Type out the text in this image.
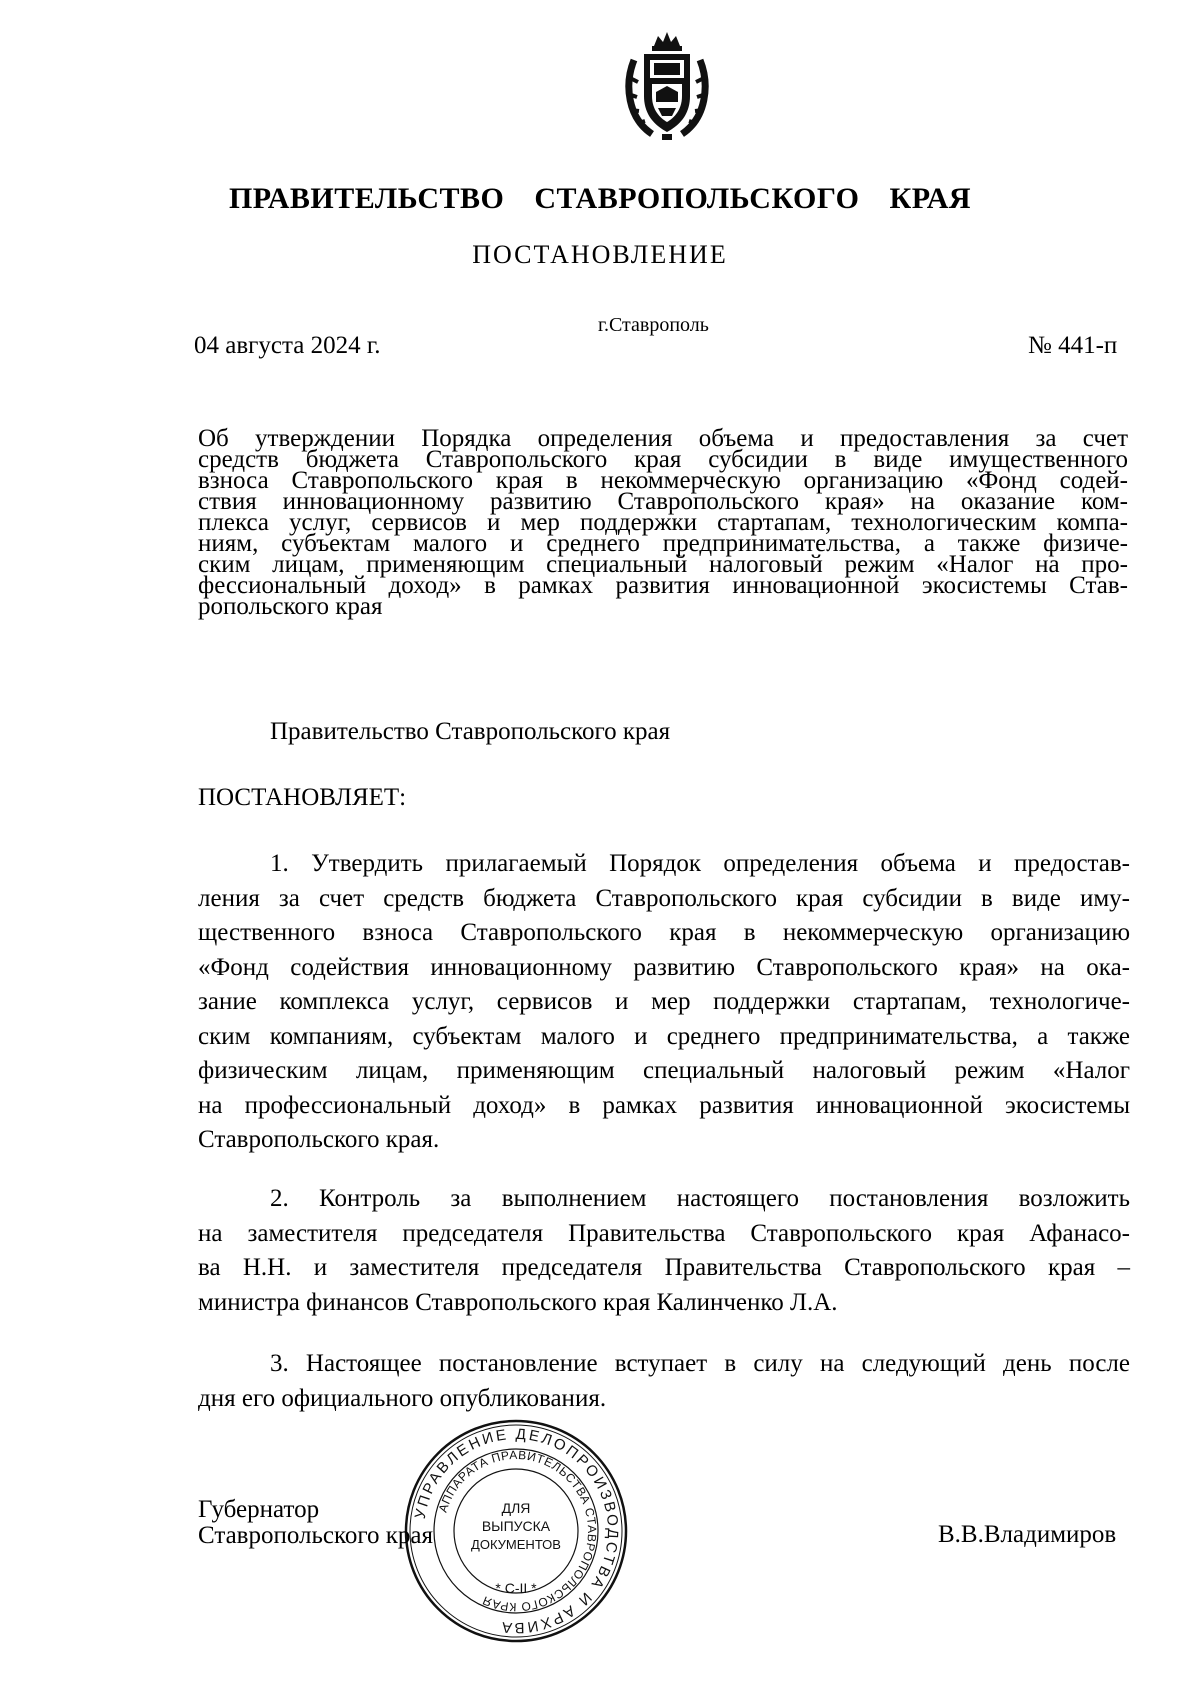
ПРАВИТЕЛЬСТВО СТАВРОПОЛЬСКОГО КРАЯ
ПОСТАНОВЛЕНИЕ
г.Ставрополь
04 августа 2024 г.	№ 441-п
Об утверждении Порядка определения объема и предоставления за счет
средств бюджета Ставропольского края субсидии в виде имущественного
взноса Ставропольского края в некоммерческую организацию «Фонд содей-
ствия инновационному развитию Ставропольского края» на оказание ком-
плекса услуг, сервисов и мер поддержки стартапам, технологическим компа-
ниям, субъектам малого и среднего предпринимательства, а также физиче-
ским лицам, применяющим специальный налоговый режим «Налог на про-
фессиональный доход» в рамках развития инновационной экосистемы Став-
ропольского края
Правительство Ставропольского края
ПОСТАНОВЛЯЕТ:
1. Утвердить прилагаемый Порядок определения объема и предостав-
ления за счет средств бюджета Ставропольского края субсидии в виде иму-
щественного взноса Ставропольского края в некоммерческую организацию
«Фонд содействия инновационному развитию Ставропольского края» на ока-
зание комплекса услуг, сервисов и мер поддержки стартапам, технологиче-
ским компаниям, субъектам малого и среднего предпринимательства, а также
физическим лицам, применяющим специальный налоговый режим «Налог
на профессиональный доход» в рамках развития инновационной экосистемы
Ставропольского края.
2. Контроль за выполнением настоящего постановления возложить
на заместителя председателя Правительства Ставропольского края Афанасо-
ва Н.Н. и заместителя председателя Правительства Ставропольского края –
министра финансов Ставропольского края Калинченко Л.А.
3. Настоящее постановление вступает в силу на следующий день после
дня его официального опубликования.
УПРАВЛЕНИЕ ДЕЛОПРОИЗВОДСТВА И АРХИВА
АППАРАТА ПРАВИТЕЛЬСТВА СТАВРОПОЛЬСКОГО КРАЯ
ДЛЯ
ВЫПУСКА
ДОКУМЕНТОВ
* С-II *
Губернатор
Ставропольского края	В.В.Владимиров
